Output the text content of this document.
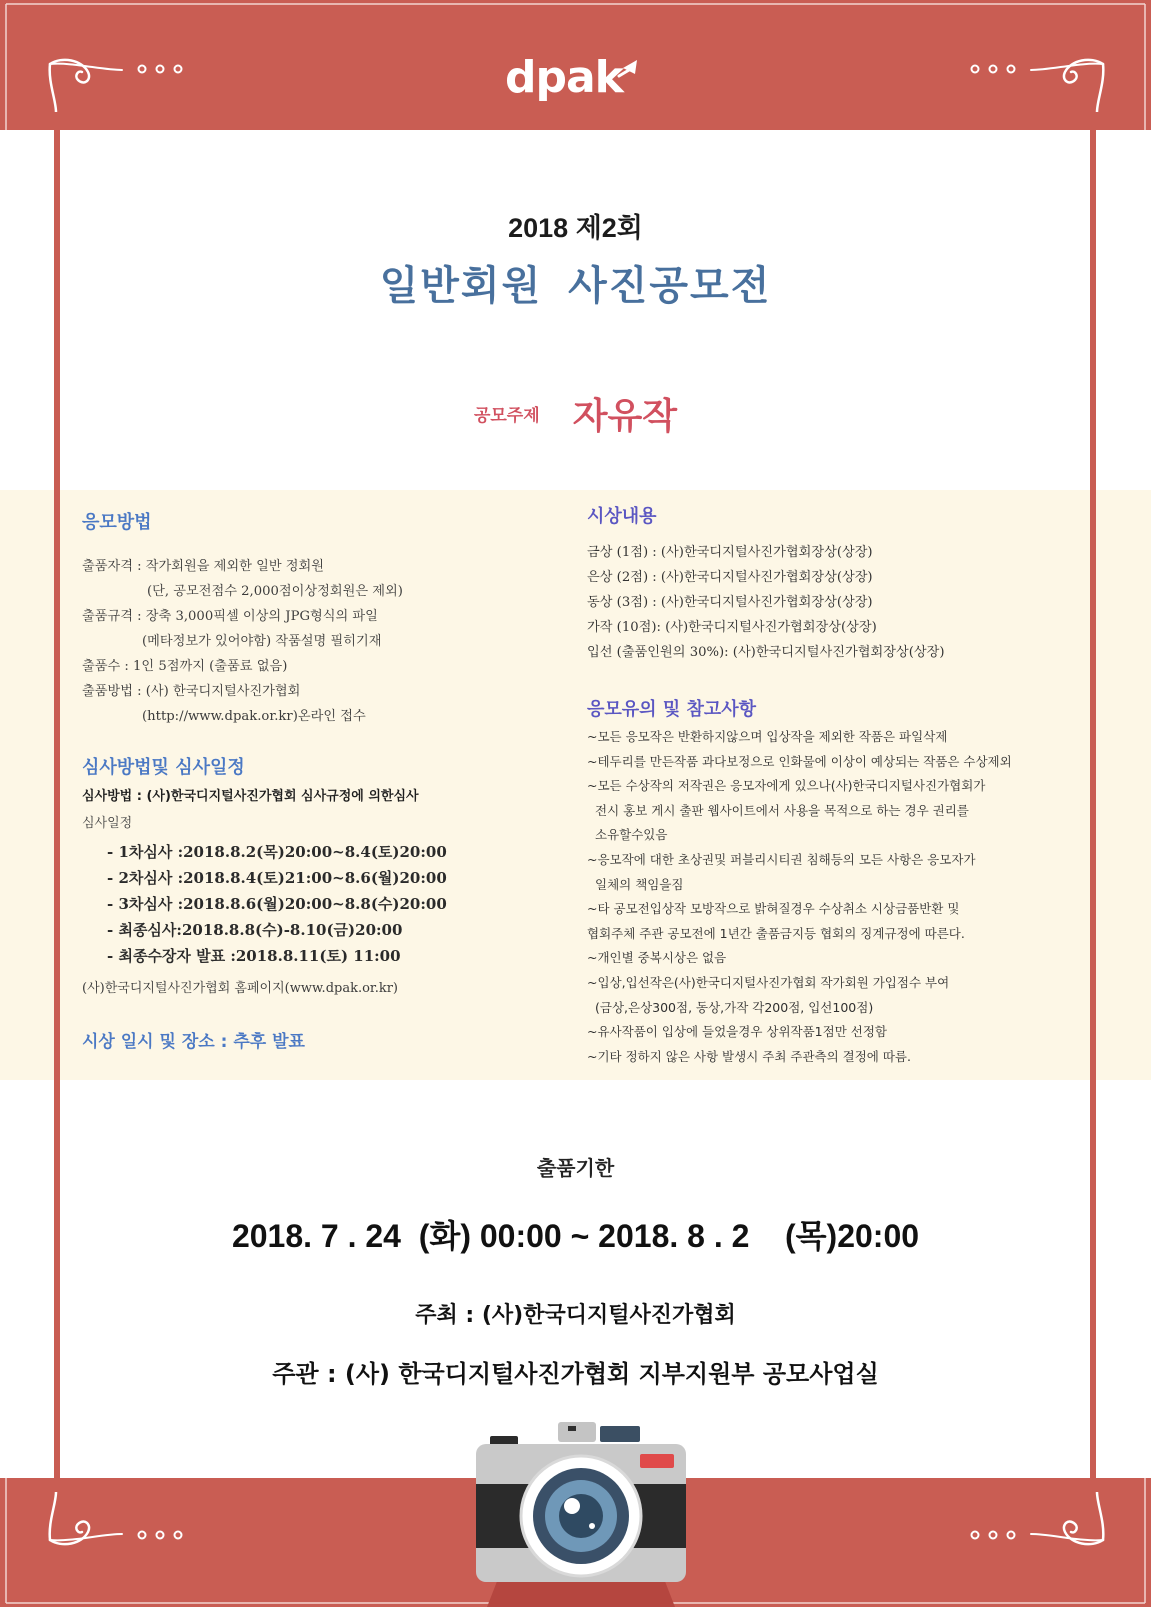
dpak
2018 제2회
일반회원 사진공모전
공모주제 자유작
응모방법
출품자격 : 작가회원을 제외한 일반 정회원
(단, 공모전점수 2,000점이상정회원은 제외)
출품규격 : 장축 3,000픽셀 이상의 JPG형식의 파일
(메타정보가 있어야함) 작품설명 필히기재
출품수 : 1인 5점까지 (출품료 없음)
출품방법 : (사) 한국디지털사진가협회
(http://www.dpak.or.kr)온라인 접수
심사방법및 심사일정
심사방법 : (사)한국디지털사진가협회 심사규정에 의한심사
심사일정
- 1차심사 :2018.8.2(목)20:00~8.4(토)20:00
- 2차심사 :2018.8.4(토)21:00~8.6(월)20:00
- 3차심사 :2018.8.6(월)20:00~8.8(수)20:00
- 최종심사:2018.8.8(수)-8.10(금)20:00
- 최종수장자 발표 :2018.8.11(토) 11:00
(사)한국디지털사진가협회 홈페이지(www.dpak.or.kr)
시상 일시 및 장소 : 추후 발표
시상내용
금상 (1점) : (사)한국디지털사진가협회장상(상장)
은상 (2점) : (사)한국디지털사진가협회장상(상장)
동상 (3점) : (사)한국디지털사진가협회장상(상장)
가작 (10점): (사)한국디지털사진가협회장상(상장)
입선 (출품인원의 30%): (사)한국디지털사진가협회장상(상장)
응모유의 및 참고사항
~모든 응모작은 반환하지않으며 입상작을 제외한 작품은 파일삭제
~테두리를 만든작품 과다보정으로 인화물에 이상이 예상되는 작품은 수상제외
~모든 수상작의 저작권은 응모자에게 있으나(사)한국디지털사진가협회가
전시 홍보 게시 출판 웹사이트에서 사용을 목적으로 하는 경우 권리를
소유할수있음
~응모작에 대한 초상권및 퍼블리시티권 침해등의 모든 사항은 응모자가
일체의 책임을짐
~타 공모전입상작 모방작으로 밝혀질경우 수상취소 시상금품반환 및
협회주체 주관 공모전에 1년간 출품금지등 협회의 징계규정에 따른다.
~개인별 중복시상은 없음
~입상,입선작은(사)한국디지털사진가협회 작가회원 가입점수 부여
(금상,은상300점, 동상,가작 각200점, 입선100점)
~유사작품이 입상에 들었을경우 상위작품1점만 선정함
~기타 정하지 않은 사항 발생시 주최 주관측의 결정에 따름.
출품기한
2018. 7 . 24  (화) 00:00 ~ 2018. 8 . 2    (목)20:00
주최 : (사)한국디지털사진가협회
주관 : (사) 한국디지털사진가협회 지부지원부 공모사업실
